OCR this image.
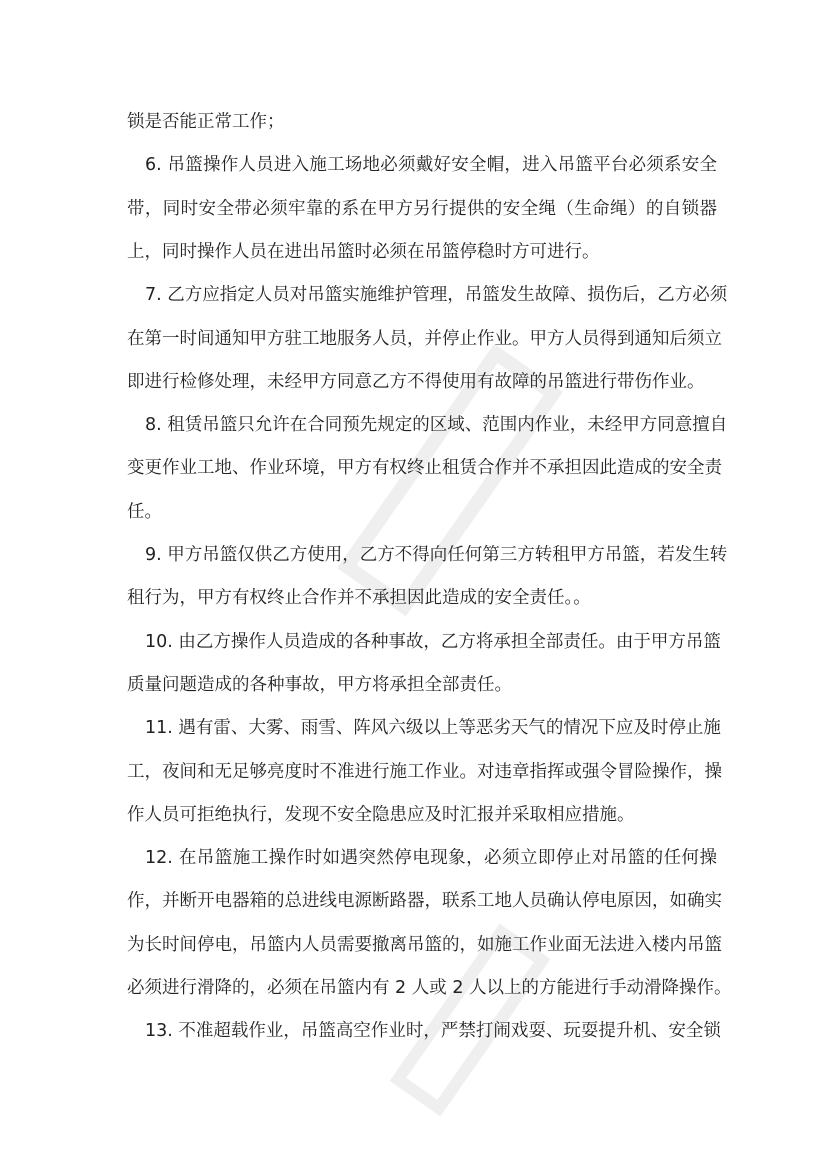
锁是否能正常工作；
6. 吊篮操作人员进入施工场地必须戴好安全帽，进入吊篮平台必须系安全
带，同时安全带必须牢靠的系在甲方另行提供的安全绳（生命绳）的自锁器
上，同时操作人员在进出吊篮时必须在吊篮停稳时方可进行。
7. 乙方应指定人员对吊篮实施维护管理，吊篮发生故障、损伤后，乙方必须
在第一时间通知甲方驻工地服务人员，并停止作业。甲方人员得到通知后须立
即进行检修处理，未经甲方同意乙方不得使用有故障的吊篮进行带伤作业。
8. 租赁吊篮只允许在合同预先规定的区域、范围内作业，未经甲方同意擅自
变更作业工地、作业环境，甲方有权终止租赁合作并不承担因此造成的安全责
任。
9. 甲方吊篮仅供乙方使用，乙方不得向任何第三方转租甲方吊篮，若发生转
租行为，甲方有权终止合作并不承担因此造成的安全责任。。
10. 由乙方操作人员造成的各种事故，乙方将承担全部责任。由于甲方吊篮
质量问题造成的各种事故，甲方将承担全部责任。
11. 遇有雷、大雾、雨雪、阵风六级以上等恶劣天气的情况下应及时停止施
工，夜间和无足够亮度时不准进行施工作业。对违章指挥或强令冒险操作，操
作人员可拒绝执行，发现不安全隐患应及时汇报并采取相应措施。
12. 在吊篮施工操作时如遇突然停电现象，必须立即停止对吊篮的任何操
作，并断开电器箱的总进线电源断路器，联系工地人员确认停电原因，如确实
为长时间停电，吊篮内人员需要撤离吊篮的，如施工作业面无法进入楼内吊篮
必须进行滑降的，必须在吊篮内有 2 人或 2 人以上的方能进行手动滑降操作。
13. 不准超载作业，吊篮高空作业时，严禁打闹戏耍、玩耍提升机、安全锁
